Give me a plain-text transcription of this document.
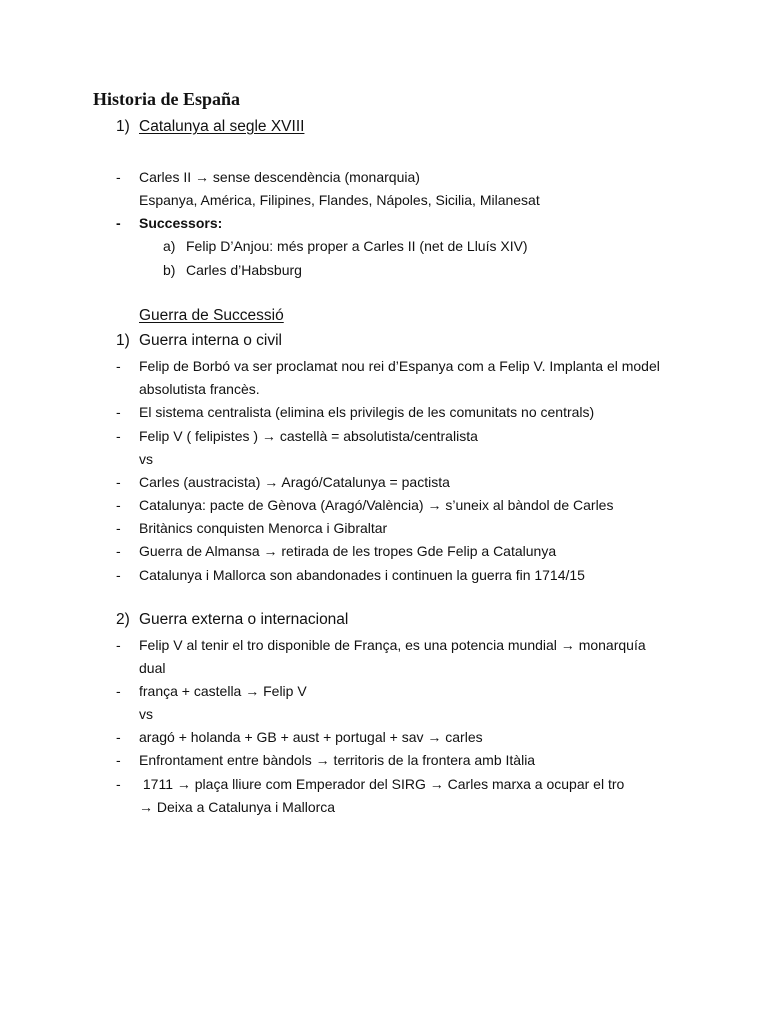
Historia de España
1) Catalunya al segle XVIII
- Carles II → sense descendència (monarquia)
Espanya, América, Filipines, Flandes, Nápoles, Sicilia, Milanesat
- Successors:
a) Felip D’Anjou: més proper a Carles II (net de Lluís XIV)
b) Carles d’Habsburg
Guerra de Successió
1) Guerra interna o civil
- Felip de Borbó va ser proclamat nou rei d’Espanya com a Felip V. Implanta el model
absolutista francès.
- El sistema centralista (elimina els privilegis de les comunitats no centrals)
- Felip V ( felipistes ) → castellà = absolutista/centralista
vs
- Carles (austracista) → Aragó/Catalunya = pactista
- Catalunya: pacte de Gènova (Aragó/València) → s’uneix al bàndol de Carles
- Britànics conquisten Menorca i Gibraltar
- Guerra de Almansa → retirada de les tropes Gde Felip a Catalunya
- Catalunya i Mallorca son abandonades i continuen la guerra fin 1714/15
2) Guerra externa o internacional
- Felip V al tenir el tro disponible de França, es una potencia mundial → monarquía
dual
- frança + castella → Felip V
vs
- aragó + holanda + GB + aust + portugal + sav → carles
- Enfrontament entre bàndols → territoris de la frontera amb Itàlia
- 1711 → plaça lliure com Emperador del SIRG → Carles marxa a ocupar el tro
→ Deixa a Catalunya i Mallorca
